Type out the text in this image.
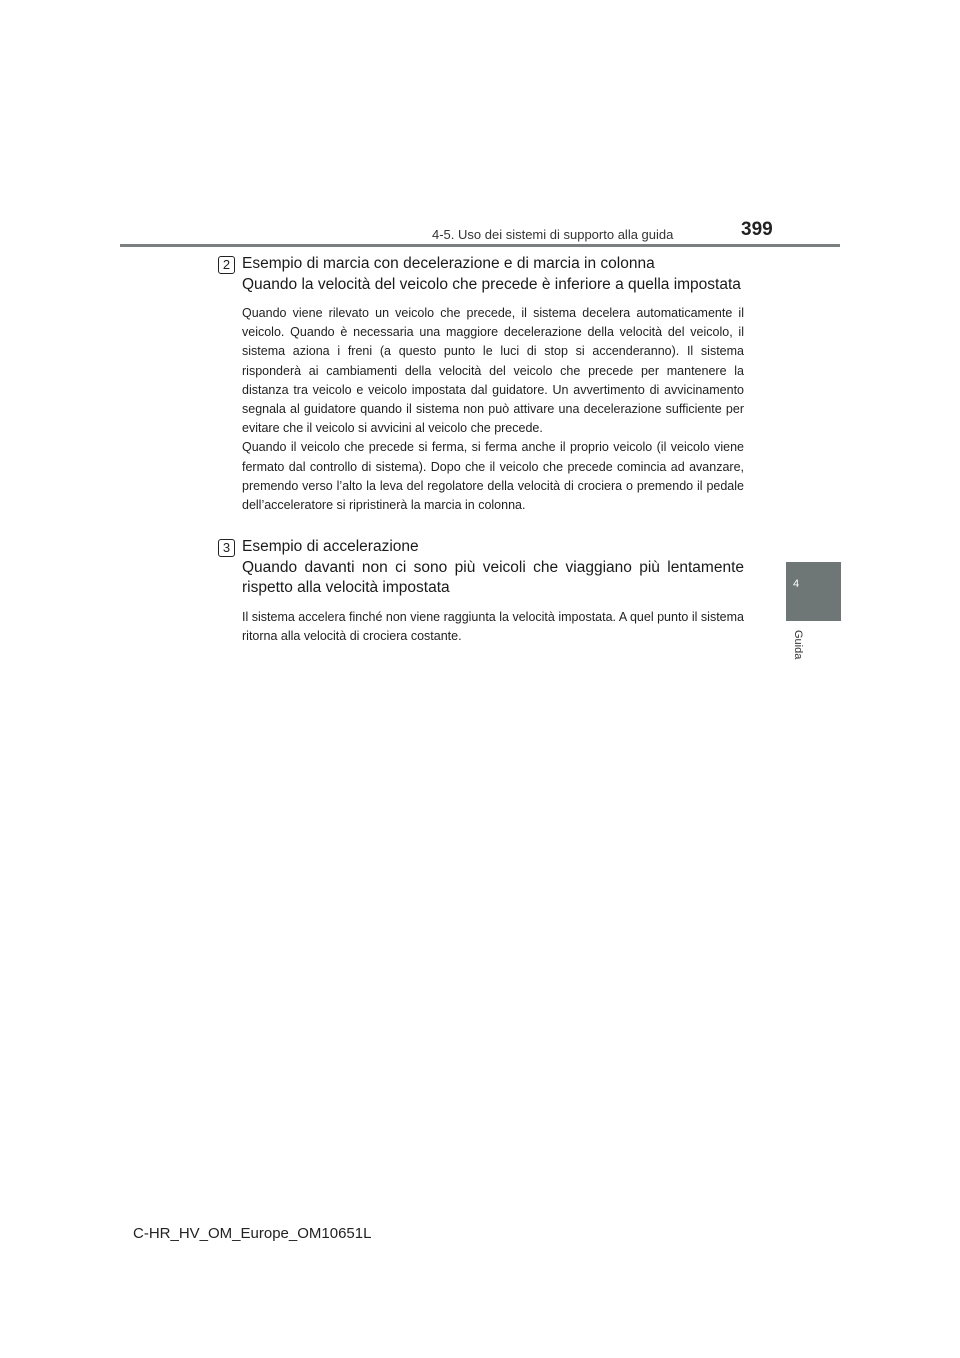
4-5. Uso dei sistemi di supporto alla guida	399
4
Guida
2 Esempio di marcia con decelerazione e di marcia in colonna
Quando la velocità del veicolo che precede è inferiore a quella impostata

Quando viene rilevato un veicolo che precede, il sistema decelera automaticamente il veicolo. Quando è necessaria una maggiore decelerazione della velocità del veicolo, il sistema aziona i freni (a questo punto le luci di stop si accenderanno). Il sistema risponderà ai cambiamenti della velocità del veicolo che precede per mantenere la distanza tra veicolo e veicolo impostata dal guidatore. Un avvertimento di avvicinamento segnala al guidatore quando il sistema non può attivare una decelerazione sufficiente per evitare che il veicolo si avvicini al veicolo che precede.

Quando il veicolo che precede si ferma, si ferma anche il proprio veicolo (il veicolo viene fermato dal controllo di sistema). Dopo che il veicolo che precede comincia ad avanzare, premendo verso l’alto la leva del regolatore della velocità di crociera o premendo il pedale dell’acceleratore si ripristinerà la marcia in colonna.

3 Esempio di accelerazione
Quando davanti non ci sono più veicoli che viaggiano più lentamente rispetto alla velocità impostata

Il sistema accelera finché non viene raggiunta la velocità impostata. A quel punto il sistema ritorna alla velocità di crociera costante.

C-HR_HV_OM_Europe_OM10651L
